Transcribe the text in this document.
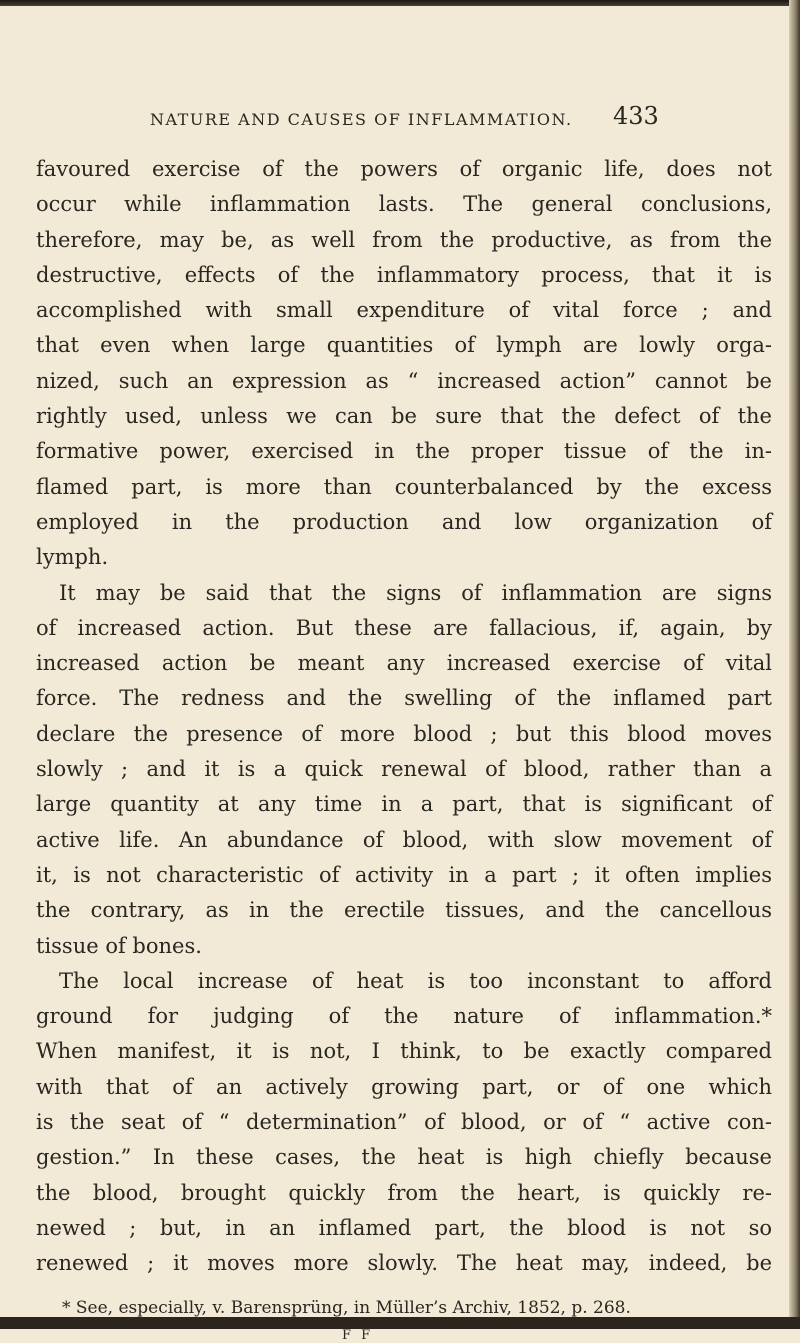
NATURE AND CAUSES OF INFLAMMATION.	433
favoured exercise of the powers of organic life, does not
occur while inflammation lasts. The general conclusions,
therefore, may be, as well from the productive, as from the
destructive, effects of the inflammatory process, that it is
accomplished with small expenditure of vital force ; and
that even when large quantities of lymph are lowly orga-
nized, such an expression as “ increased action” cannot be
rightly used, unless we can be sure that the defect of the
formative power, exercised in the proper tissue of the in-
flamed part, is more than counterbalanced by the excess
employed in the production and low organization of
lymph.
It may be said that the signs of inflammation are signs
of increased action. But these are fallacious, if, again, by
increased action be meant any increased exercise of vital
force. The redness and the swelling of the inflamed part
declare the presence of more blood ; but this blood moves
slowly ; and it is a quick renewal of blood, rather than a
large quantity at any time in a part, that is significant of
active life. An abundance of blood, with slow movement of
it, is not characteristic of activity in a part ; it often implies
the contrary, as in the erectile tissues, and the cancellous
tissue of bones.
The local increase of heat is too inconstant to afford
ground for judging of the nature of inflammation.*
When manifest, it is not, I think, to be exactly compared
with that of an actively growing part, or of one which
is the seat of “ determination” of blood, or of “ active con-
gestion.” In these cases, the heat is high chiefly because
the blood, brought quickly from the heart, is quickly re-
newed ; but, in an inflamed part, the blood is not so
renewed ; it moves more slowly. The heat may, indeed, be
* See, especially, v. Barensprüng, in Müller’s Archiv, 1852, p. 268.
F F
